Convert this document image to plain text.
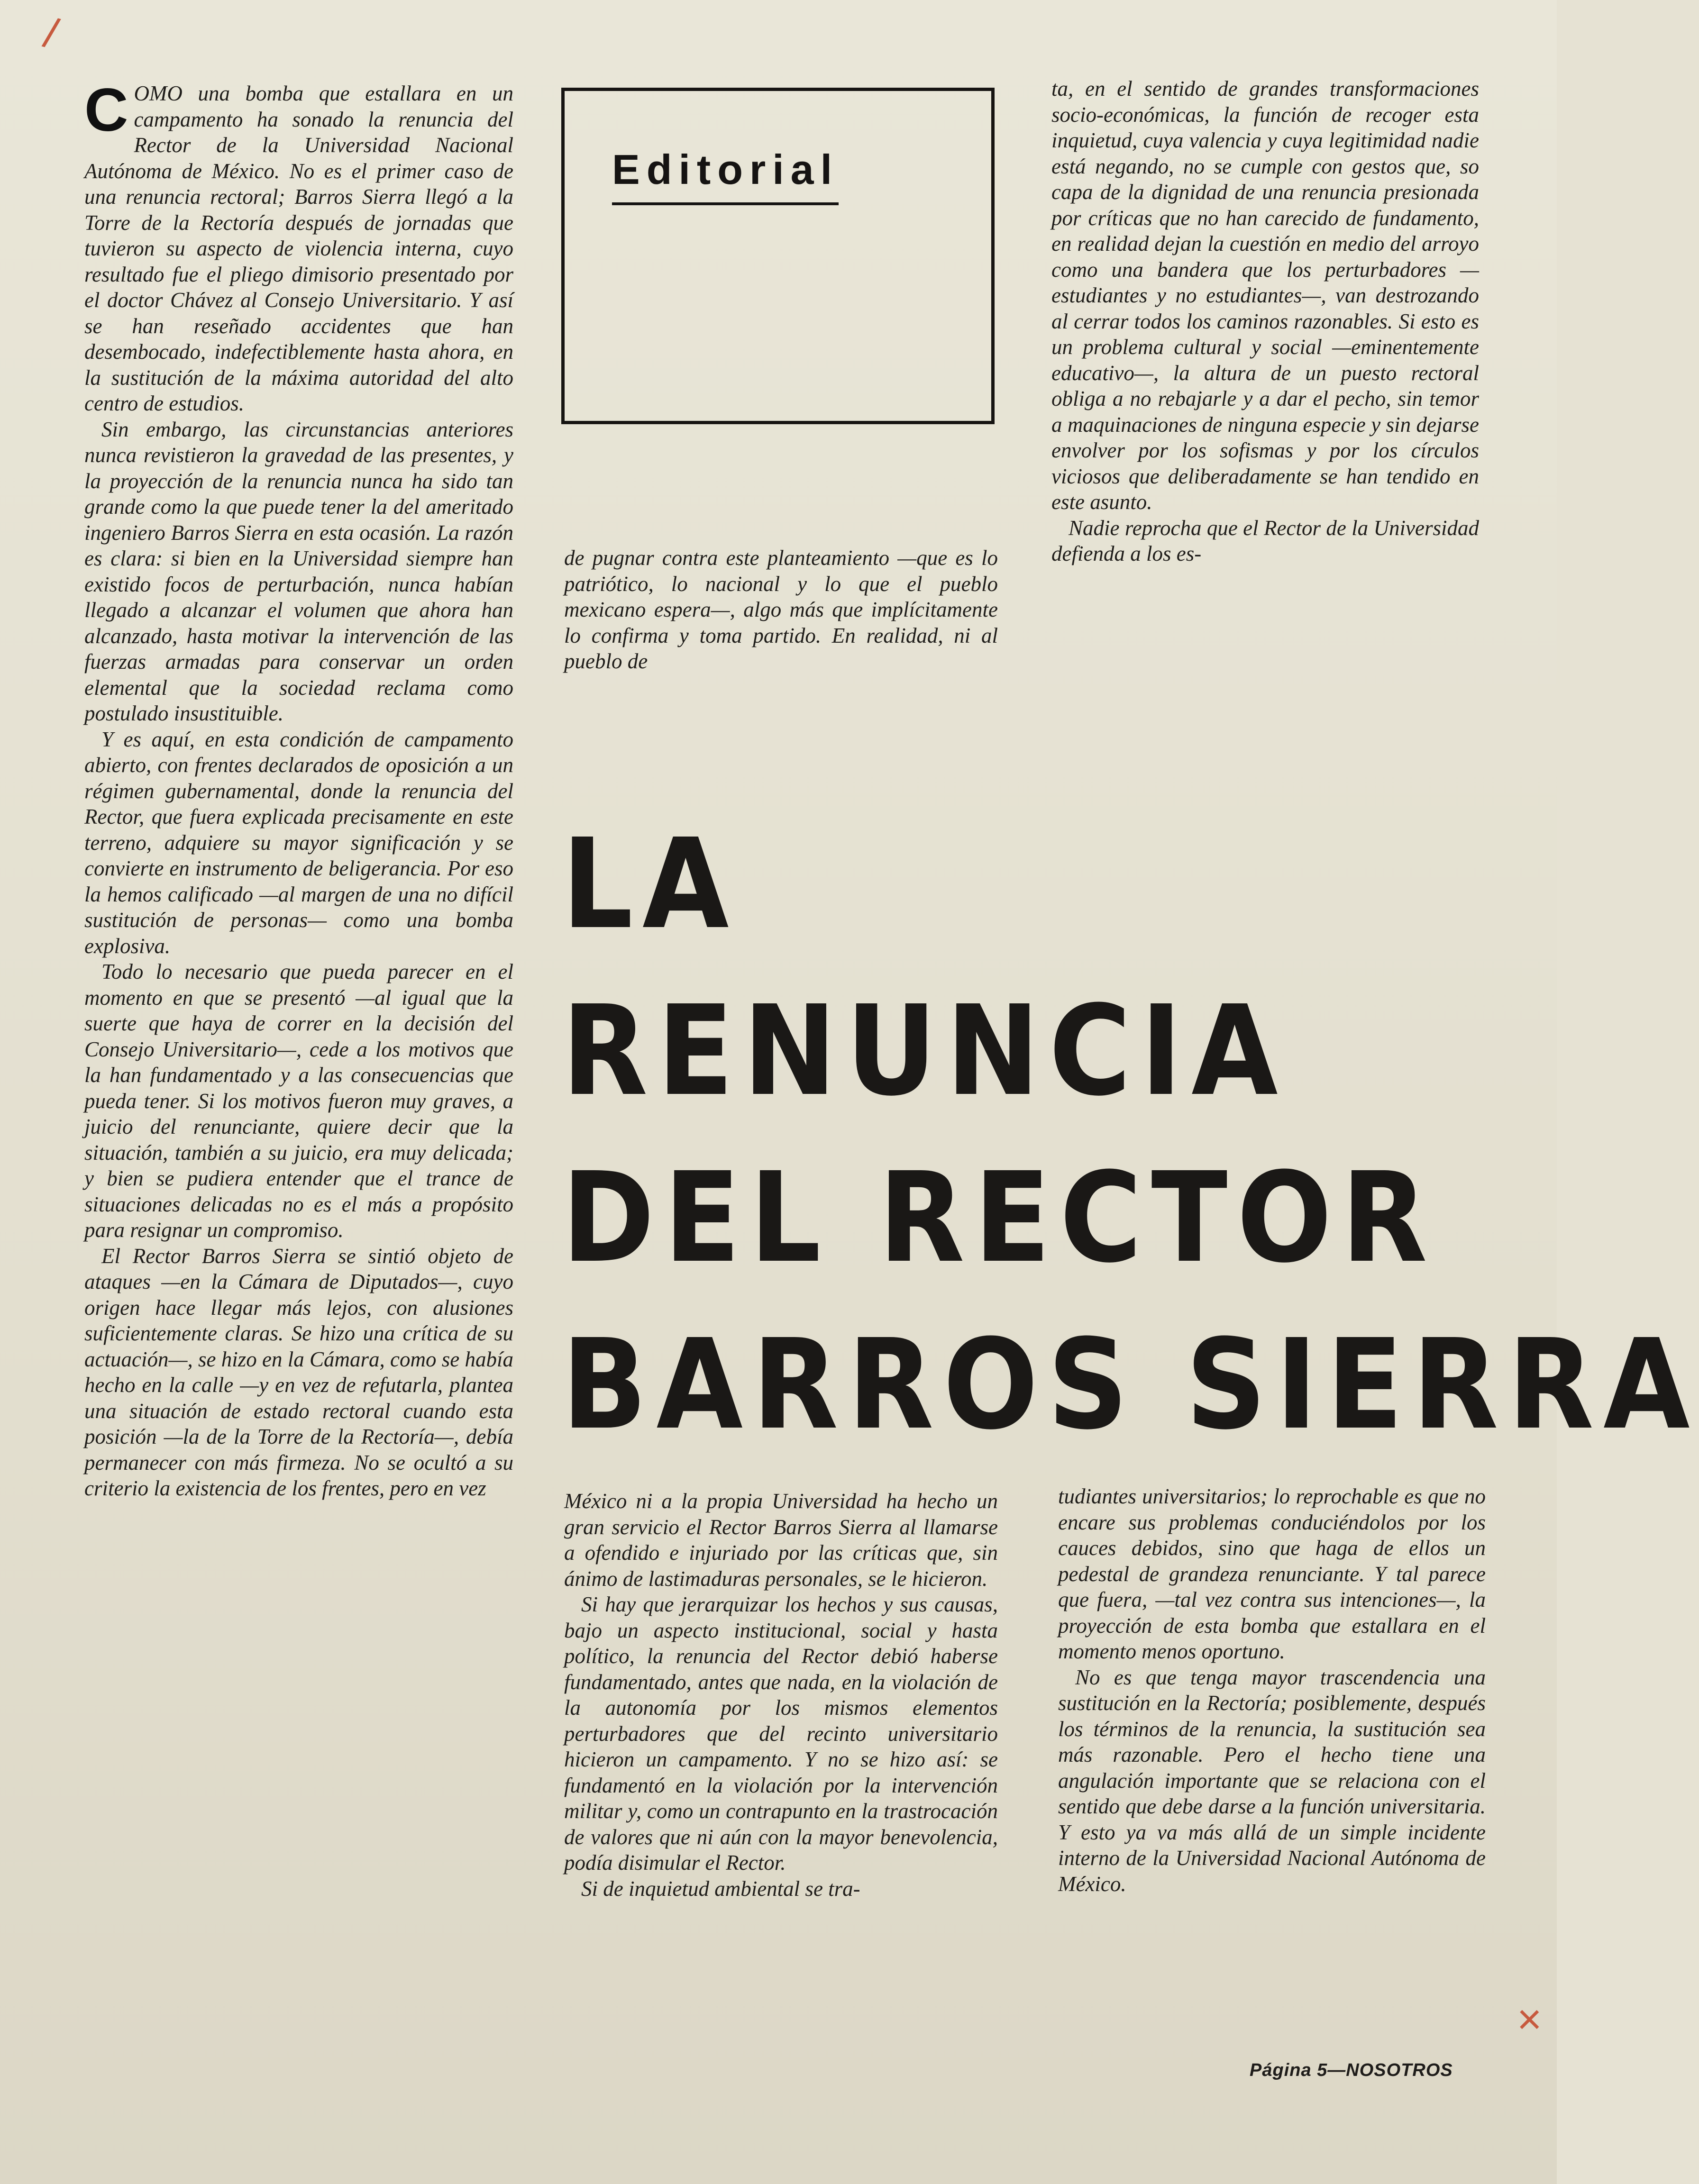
/
×

COMO una bomba que estallara en un campamento ha sonado la renuncia del Rector de la Universidad Nacional Autónoma de México. No es el primer caso de una renuncia rectoral; Barros Sierra llegó a la Torre de la Rectoría después de jornadas que tuvieron su aspecto de violencia interna, cuyo resultado fue el pliego dimisorio presentado por el doctor Chávez al Consejo Universitario. Y así se han reseñado accidentes que han desembocado, indefectiblemente hasta ahora, en la sustitución de la máxima autoridad del alto centro de estudios.

Sin embargo, las circunstancias anteriores nunca revistieron la gravedad de las presentes, y la proyección de la renuncia nunca ha sido tan grande como la que puede tener la del ameritado ingeniero Barros Sierra en esta ocasión. La razón es clara: si bien en la Universidad siempre han existido focos de perturbación, nunca habían llegado a alcanzar el volumen que ahora han alcanzado, hasta motivar la intervención de las fuerzas armadas para conservar un orden elemental que la sociedad reclama como postulado insustituible.

Y es aquí, en esta condición de campamento abierto, con frentes declarados de oposición a un régimen gubernamental, donde la renuncia del Rector, que fuera explicada precisamente en este terreno, adquiere su mayor significación y se convierte en instrumento de beligerancia. Por eso la hemos calificado —al margen de una no difícil sustitución de personas— como una bomba explosiva.

Todo lo necesario que pueda parecer en el momento en que se presentó —al igual que la suerte que haya de correr en la decisión del Consejo Universitario—, cede a los motivos que la han fundamentado y a las consecuencias que pueda tener. Si los motivos fueron muy graves, a juicio del renunciante, quiere decir que la situación, también a su juicio, era muy delicada; y bien se pudiera entender que el trance de situaciones delicadas no es el más a propósito para resignar un compromiso.

El Rector Barros Sierra se sintió objeto de ataques —en la Cámara de Diputados—, cuyo origen hace llegar más lejos, con alusiones suficientemente claras. Se hizo una crítica de su actuación—, se hizo en la Cámara, como se había hecho en la calle —y en vez de refutarla, plantea una situación de estado rectoral cuando esta posición —la de la Torre de la Rectoría—, debía permanecer con más firmeza. No se ocultó a su criterio la existencia de los frentes, pero en vez

Editorial

de pugnar contra este planteamiento —que es lo patriótico, lo nacional y lo que el pueblo mexicano espera—, algo más que implícitamente lo confirma y toma partido. En realidad, ni al pueblo de

ta, en el sentido de grandes transformaciones socio-económicas, la función de recoger esta inquietud, cuya valencia y cuya legitimidad nadie está negando, no se cumple con gestos que, so capa de la dignidad de una renuncia presionada por críticas que no han carecido de fundamento, en realidad dejan la cuestión en medio del arroyo como una bandera que los perturbadores —estudiantes y no estudiantes—, van destrozando al cerrar todos los caminos razonables. Si esto es un problema cultural y social —eminentemente educativo—, la altura de un puesto rectoral obliga a no rebajarle y a dar el pecho, sin temor a maquinaciones de ninguna especie y sin dejarse envolver por los sofismas y por los círculos viciosos que deliberadamente se han tendido en este asunto.

Nadie reprocha que el Rector de la Universidad defienda a los es-

LA
RENUNCIA
DEL RECTOR
BARROS SIERRA

México ni a la propia Universidad ha hecho un gran servicio el Rector Barros Sierra al llamarse a ofendido e injuriado por las críticas que, sin ánimo de lastimaduras personales, se le hicieron.

Si hay que jerarquizar los hechos y sus causas, bajo un aspecto institucional, social y hasta político, la renuncia del Rector debió haberse fundamentado, antes que nada, en la violación de la autonomía por los mismos elementos perturbadores que del recinto universitario hicieron un campamento. Y no se hizo así: se fundamentó en la violación por la intervención militar y, como un contrapunto en la trastrocación de valores que ni aún con la mayor benevolencia, podía disimular el Rector.

Si de inquietud ambiental se tra-

tudiantes universitarios; lo reprochable es que no encare sus problemas conduciéndolos por los cauces debidos, sino que haga de ellos un pedestal de grandeza renunciante. Y tal parece que fuera, —tal vez contra sus intenciones—, la proyección de esta bomba que estallara en el momento menos oportuno.

No es que tenga mayor trascendencia una sustitución en la Rectoría; posiblemente, después los términos de la renuncia, la sustitución sea más razonable. Pero el hecho tiene una angulación importante que se relaciona con el sentido que debe darse a la función universitaria. Y esto ya va más allá de un simple incidente interno de la Universidad Nacional Autónoma de México.

Página 5—NOSOTROS
